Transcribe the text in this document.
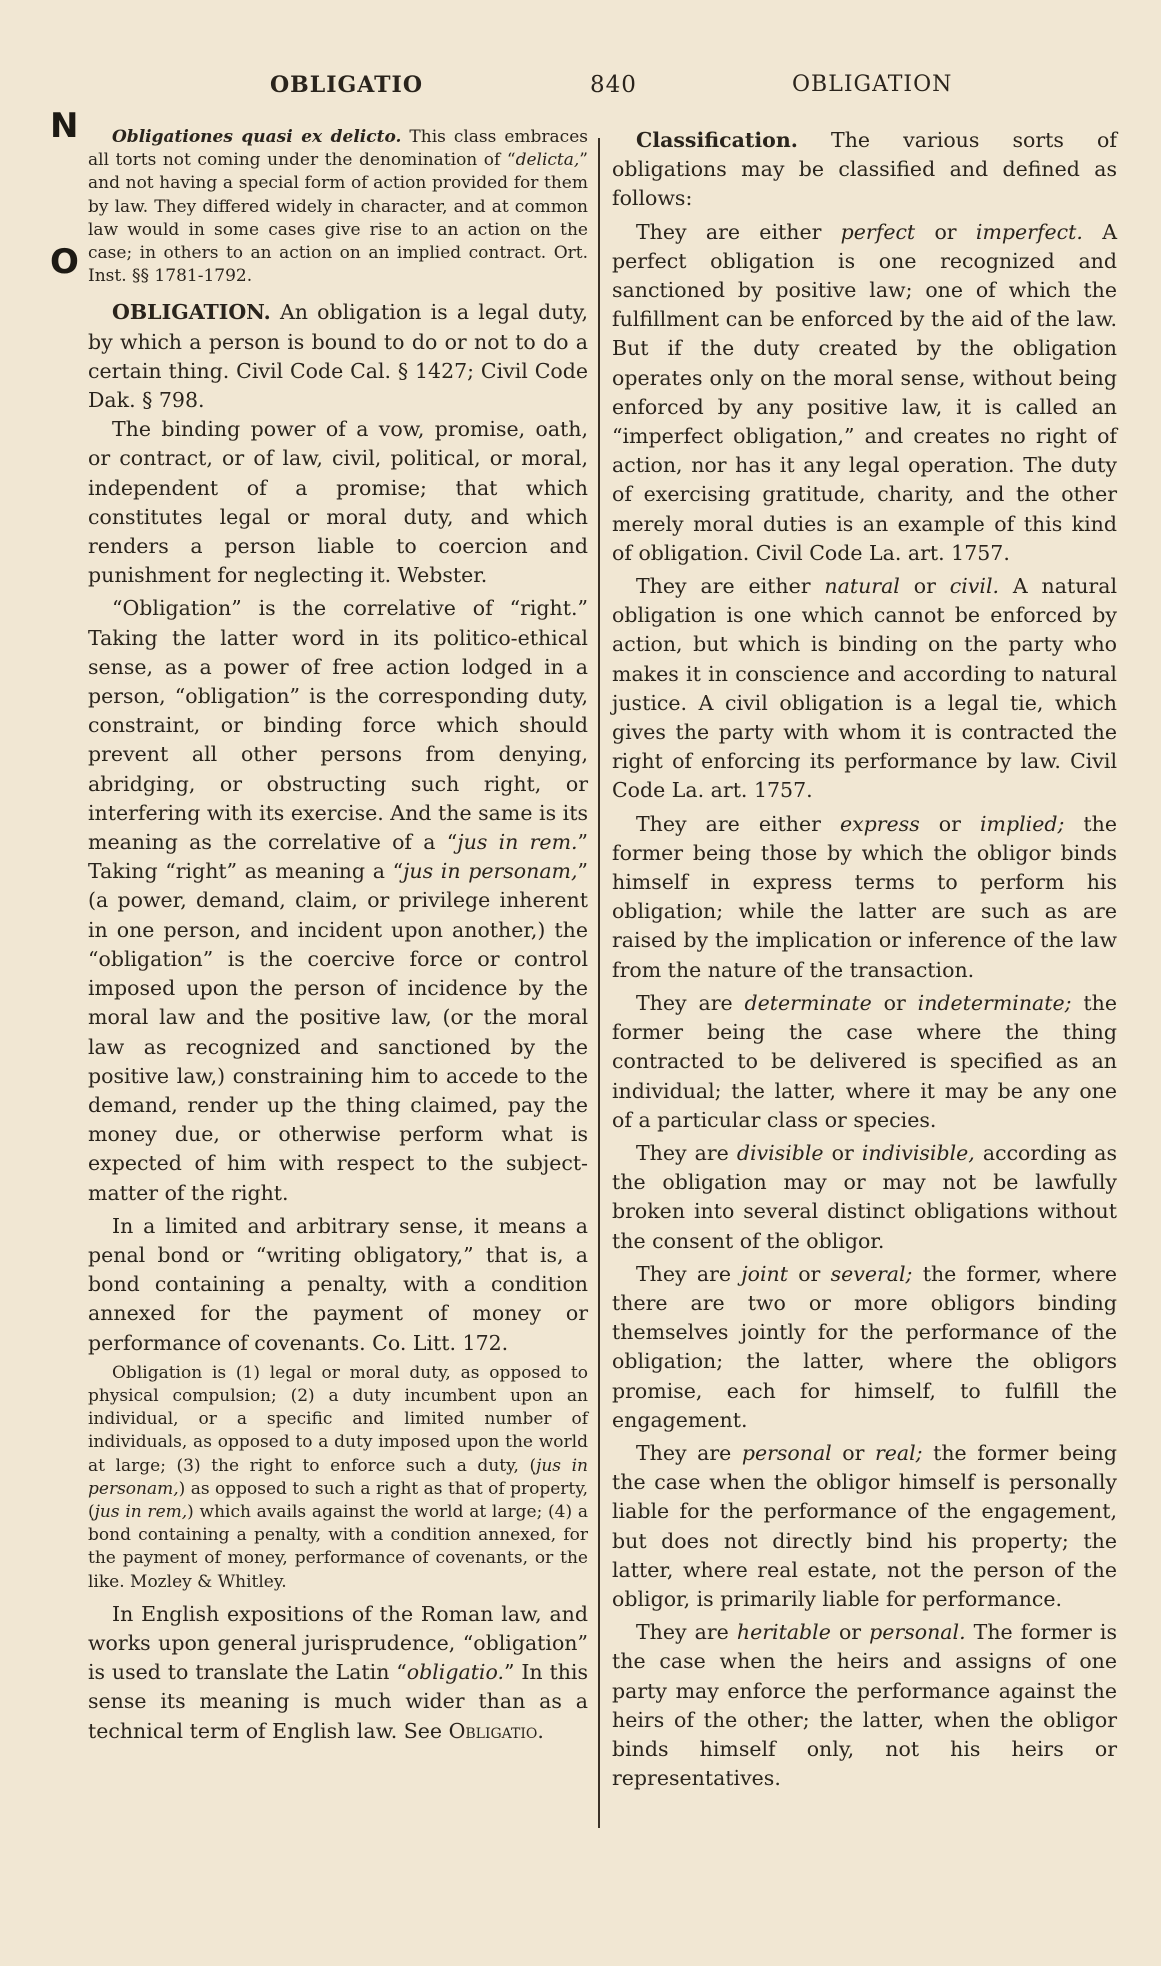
OBLIGATIO	840	OBLIGATION
N
O

Obligationes quasi ex delicto. This class embraces all torts not coming under the denomination of “delicta,” and not having a special form of action provided for them by law. They differed widely in character, and at common law would in some cases give rise to an action on the case; in others to an action on an implied contract. Ort. Inst. §§ 1781-1792.

OBLIGATION. An obligation is a legal duty, by which a person is bound to do or not to do a certain thing. Civil Code Cal. § 1427; Civil Code Dak. § 798.

The binding power of a vow, promise, oath, or contract, or of law, civil, political, or moral, independent of a promise; that which constitutes legal or moral duty, and which renders a person liable to coercion and punishment for neglecting it. Webster.

“Obligation” is the correlative of “right.” Taking the latter word in its politico-ethical sense, as a power of free action lodged in a person, “obligation” is the corresponding duty, constraint, or binding force which should prevent all other persons from denying, abridging, or obstructing such right, or interfering with its exercise. And the same is its meaning as the correlative of a “jus in rem.” Taking “right” as meaning a “jus in personam,” (a power, demand, claim, or privilege inherent in one person, and incident upon another,) the “obligation” is the coercive force or control imposed upon the person of incidence by the moral law and the positive law, (or the moral law as recognized and sanctioned by the positive law,) constraining him to accede to the demand, render up the thing claimed, pay the money due, or otherwise perform what is expected of him with respect to the subject-matter of the right.

In a limited and arbitrary sense, it means a penal bond or “writing obligatory,” that is, a bond containing a penalty, with a condition annexed for the payment of money or performance of covenants. Co. Litt. 172.

Obligation is (1) legal or moral duty, as opposed to physical compulsion; (2) a duty incumbent upon an individual, or a specific and limited number of individuals, as opposed to a duty imposed upon the world at large; (3) the right to enforce such a duty, (jus in personam,) as opposed to such a right as that of property, (jus in rem,) which avails against the world at large; (4) a bond containing a penalty, with a condition annexed, for the payment of money, performance of covenants, or the like. Mozley & Whitley.

In English expositions of the Roman law, and works upon general jurisprudence, “obligation” is used to translate the Latin “obligatio.” In this sense its meaning is much wider than as a technical term of English law. See Obligatio.

Classification. The various sorts of obligations may be classified and defined as follows:

They are either perfect or imperfect. A perfect obligation is one recognized and sanctioned by positive law; one of which the fulfillment can be enforced by the aid of the law. But if the duty created by the obligation operates only on the moral sense, without being enforced by any positive law, it is called an “imperfect obligation,” and creates no right of action, nor has it any legal operation. The duty of exercising gratitude, charity, and the other merely moral duties is an example of this kind of obligation. Civil Code La. art. 1757.

They are either natural or civil. A natural obligation is one which cannot be enforced by action, but which is binding on the party who makes it in conscience and according to natural justice. A civil obligation is a legal tie, which gives the party with whom it is contracted the right of enforcing its performance by law. Civil Code La. art. 1757.

They are either express or implied; the former being those by which the obligor binds himself in express terms to perform his obligation; while the latter are such as are raised by the implication or inference of the law from the nature of the transaction.

They are determinate or indeterminate; the former being the case where the thing contracted to be delivered is specified as an individual; the latter, where it may be any one of a particular class or species.

They are divisible or indivisible, according as the obligation may or may not be lawfully broken into several distinct obligations without the consent of the obligor.

They are joint or several; the former, where there are two or more obligors binding themselves jointly for the performance of the obligation; the latter, where the obligors promise, each for himself, to fulfill the engagement.

They are personal or real; the former being the case when the obligor himself is personally liable for the performance of the engagement, but does not directly bind his property; the latter, where real estate, not the person of the obligor, is primarily liable for performance.

They are heritable or personal. The former is the case when the heirs and assigns of one party may enforce the performance against the heirs of the other; the latter, when the obligor binds himself only, not his heirs or representatives.
